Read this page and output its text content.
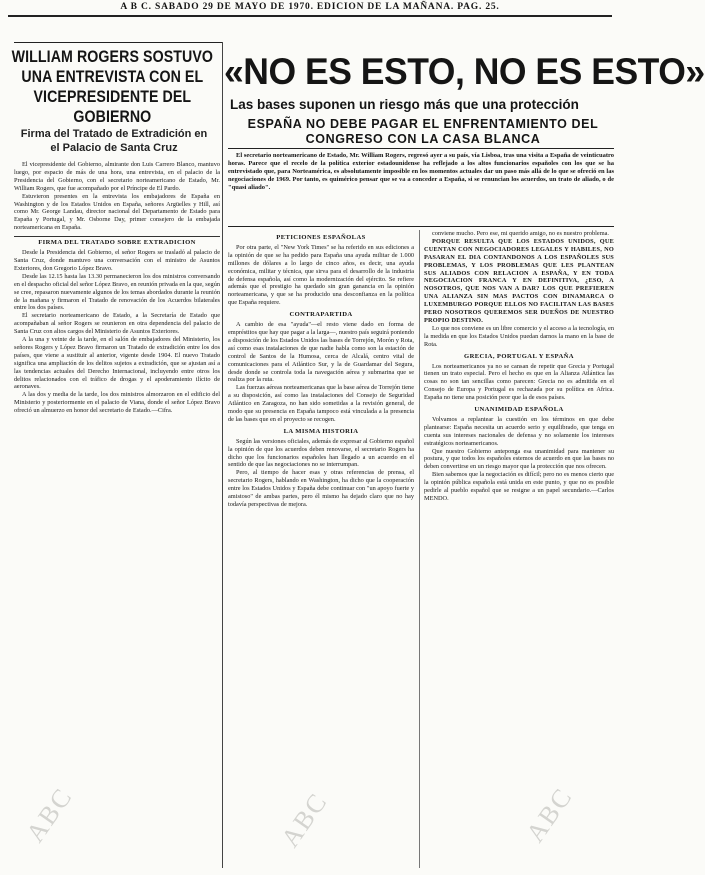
A B C. SABADO 29 DE MAYO DE 1970. EDICION DE LA MAÑANA. PAG. 25.
WILLIAM ROGERS SOSTUVO UNA ENTREVISTA CON EL VICEPRESIDENTE DEL GOBIERNO
Firma del Tratado de Extradición en el Palacio de Santa Cruz

El vicepresidente del Gobierno, almirante don Luis Carrero Blanco, mantuvo luego, por espacio de más de una hora, una entrevista, en el palacio de la Presidencia del Gobierno, con el secretario norteamericano de Estado, Mr. William Rogers, que fue acompañado por el Príncipe de El Pardo.

Estuvieron presentes en la entrevista los embajadores de España en Washington y de los Estados Unidos en España, señores Argüelles y Hill, así como Mr. George Landau, director nacional del Departamento de Estado para España y Portugal, y Mr. Osborne Day, primer consejero de la embajada norteamericana en España.

FIRMA DEL TRATADO SOBRE EXTRADICION

Desde la Presidencia del Gobierno, el señor Rogers se trasladó al palacio de Santa Cruz, donde mantuvo una conversación con el ministro de Asuntos Exteriores, don Gregorio López Bravo.

Desde las 12.15 hasta las 13.30 permanecieron los dos ministros conversando en el despacho oficial del señor López Bravo, en reunión privada en la que, según se cree, repasaron nuevamente algunos de los temas abordados durante la reunión de la mañana y firmaron el Tratado de renovación de los Acuerdos bilaterales entre los dos países.

El secretario norteamericano de Estado, a la Secretaría de Estado que acompañaban al señor Rogers se reunieron en otra dependencia del palacio de Santa Cruz con altos cargos del Ministerio de Asuntos Exteriores.

A la una y veinte de la tarde, en el salón de embajadores del Ministerio, los señores Rogers y López Bravo firmaron un Tratado de extradición entre los dos países, que viene a sustituir al anterior, vigente desde 1904. El nuevo Tratado significa una ampliación de los delitos sujetos a extradición, que se ajustan así a las tendencias actuales del Derecho Internacional, incluyendo entre otros los delitos relacionados con el tráfico de drogas y el apoderamiento ilícito de aeronaves.

A las dos y media de la tarde, los dos ministros almorzaron en el edificio del Ministerio y posteriormente en el palacio de Viana, donde el señor López Bravo ofreció un almuerzo en honor del secretario de Estado.—Cifra.

«NO ES ESTO, NO ES ESTO»
Las bases suponen un riesgo más que una protección
ESPAÑA NO DEBE PAGAR EL ENFRENTAMIENTO DEL CONGRESO CON LA CASA BLANCA

El secretario norteamericano de Estado, Mr. William Rogers, regresó ayer a su país, vía Lisboa, tras una visita a España de veinticuatro horas. Parece que el recelo de la política exterior estadounidense ha reflejado a los altos funcionarios españoles con los que se ha entrevistado que, para Norteamérica, es absolutamente imposible en los momentos actuales dar un paso más allá de lo que se ofreció en las negociaciones de 1969. Por tanto, es quimérico pensar que se va a conceder a España, si se renuncian los acuerdos, un trato de aliado, o de "quasi aliado".

PETICIONES ESPAÑOLAS

Por otra parte, el "New York Times" se ha referido en sus ediciones a la opinión de que se ha pedido para España una ayuda militar de 1.000 millones de dólares a lo largo de cinco años, es decir, una ayuda económica, militar y técnica, que sirva para el desarrollo de la industria de defensa española, así como la modernización del ejército. Se refiere además que el prestigio ha quedado sin gran ganancia en la opinión norteamericana, y que se ha producido una desconfianza en la política que España requiere.

CONTRAPARTIDA

A cambio de esa "ayuda"—el resto viene dado en forma de empréstitos que hay que pagar a la larga—, nuestro país seguirá poniendo a disposición de los Estados Unidos las bases de Torrejón, Morón y Rota, así como esas instalaciones de que nadie habla como son la estación de control de Santos de la Humosa, cerca de Alcalá, centro vital de comunicaciones para el Atlántico Sur, y la de Guardamar del Segura, desde donde se controla toda la navegación aérea y submarina que se realiza por la ruta.

Las fuerzas aéreas norteamericanas que la base aérea de Torrejón tiene a su disposición, así como las instalaciones del Consejo de Seguridad Atlántico en Zaragoza, no han sido sometidas a la revisión general, de modo que su presencia en España tampoco está vinculada a la presencia de las bases que en el proyecto se recogen.

LA MISMA HISTORIA

Según las versiones oficiales, además de expresar al Gobierno español la opinión de que los acuerdos deben renovarse, el secretario Rogers ha dicho que los funcionarios españoles han llegado a un acuerdo en el sentido de que las negociaciones no se interrumpan.

Pero, al tiempo de hacer esas y otras referencias de prensa, el secretario Rogers, hablando en Washington, ha dicho que la cooperación entre los Estados Unidos y España debe continuar con "un apoyo fuerte y amistoso" de ambas partes, pero él mismo ha dejado claro que no hay todavía perspectivas de mejora.

conviene mucho. Pero ese, mi querido amigo, no es nuestro problema.

PORQUE RESULTA QUE LOS ESTADOS UNIDOS, QUE CUENTAN CON NEGOCIADORES LEGALES Y HABILES, NO PASARAN EL DIA CONTANDONOS A LOS ESPAÑOLES SUS PROBLEMAS, Y LOS PROBLEMAS QUE LES PLANTEAN SUS ALIADOS CON RELACION A ESPAÑA, Y EN TODA NEGOCIACION FRANCA Y EN DEFINITIVA, ¿ESO, A NOSOTROS, QUE NOS VAN A DAR? LOS QUE PREFIEREN UNA ALIANZA SIN MAS PACTOS CON DINAMARCA O LUXEMBURGO PORQUE ELLOS NO FACILITAN LAS BASES PERO NOSOTROS QUEREMOS SER DUEÑOS DE NUESTRO PROPIO DESTINO.

Lo que nos conviene es un libre comercio y el acceso a la tecnología, en la medida en que los Estados Unidos puedan darnos la mano en la base de Rota.

GRECIA, PORTUGAL Y ESPAÑA

Los norteamericanos ya no se cansan de repetir que Grecia y Portugal tienen un trato especial. Pero el hecho es que en la Alianza Atlántica las cosas no son tan sencillas como parecen: Grecia no es admitida en el Consejo de Europa y Portugal es rechazada por su política en Africa. España no tiene una posición peor que la de esos países.

UNANIMIDAD ESPAÑOLA

Volvamos a replantear la cuestión en los términos en que debe plantearse: España necesita un acuerdo serio y equilibrado, que tenga en cuenta sus intereses nacionales de defensa y no solamente los intereses estratégicos norteamericanos.

Que nuestro Gobierno anteponga esa unanimidad para mantener su postura, y que todos los españoles estemos de acuerdo en que las bases no deben convertirse en un riesgo mayor que la protección que nos ofrecen.

Bien sabemos que la negociación es difícil; pero no es menos cierto que la opinión pública española está unida en este punto, y que no es posible pedirle al pueblo español que se resigne a un papel secundario.—Carlos MENDO.

ABC	ABC	ABC
